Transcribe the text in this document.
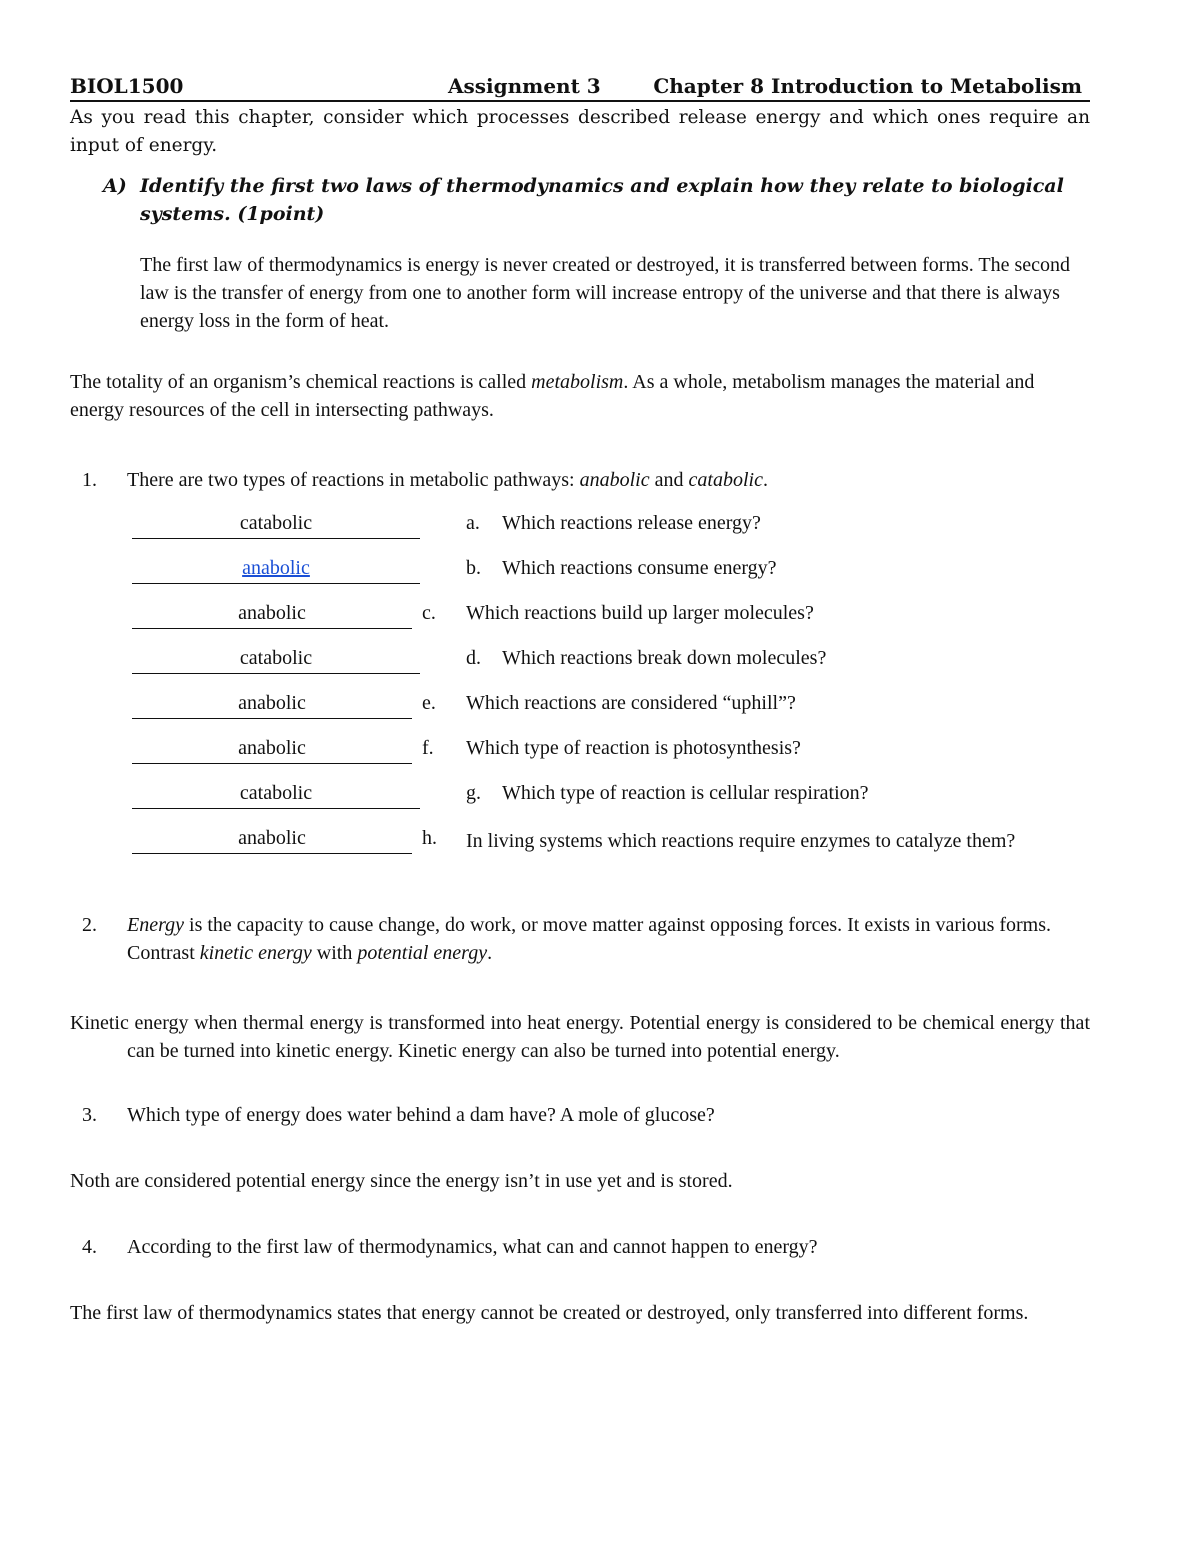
BIOL1500	Assignment 3	Chapter 8 Introduction to Metabolism

As you read this chapter, consider which processes described release energy and which ones require an input of energy.

A) Identify the first two laws of thermodynamics and explain how they relate to biological systems. (1point)

The first law of thermodynamics is energy is never created or destroyed, it is transferred between forms. The second law is the transfer of energy from one to another form will increase entropy of the universe and that there is always energy loss in the form of heat.

The totality of an organism’s chemical reactions is called metabolism. As a whole, metabolism manages the material and energy resources of the cell in intersecting pathways.

1. There are two types of reactions in metabolic pathways: anabolic and catabolic.

catabolic	a. Which reactions release energy?
anabolic	b. Which reactions consume energy?
anabolic	c. Which reactions build up larger molecules?
catabolic	d. Which reactions break down molecules?
anabolic	e. Which reactions are considered “uphill”?
anabolic	f. Which type of reaction is photosynthesis?
catabolic	g. Which type of reaction is cellular respiration?
anabolic	h. In living systems which reactions require enzymes to catalyze them?

2. Energy is the capacity to cause change, do work, or move matter against opposing forces. It exists in various forms. Contrast kinetic energy with potential energy.

Kinetic energy when thermal energy is transformed into heat energy. Potential energy is considered to be chemical energy that can be turned into kinetic energy. Kinetic energy can also be turned into potential energy.

3. Which type of energy does water behind a dam have? A mole of glucose?

Noth are considered potential energy since the energy isn’t in use yet and is stored.

4. According to the first law of thermodynamics, what can and cannot happen to energy?

The first law of thermodynamics states that energy cannot be created or destroyed, only transferred into different forms.
